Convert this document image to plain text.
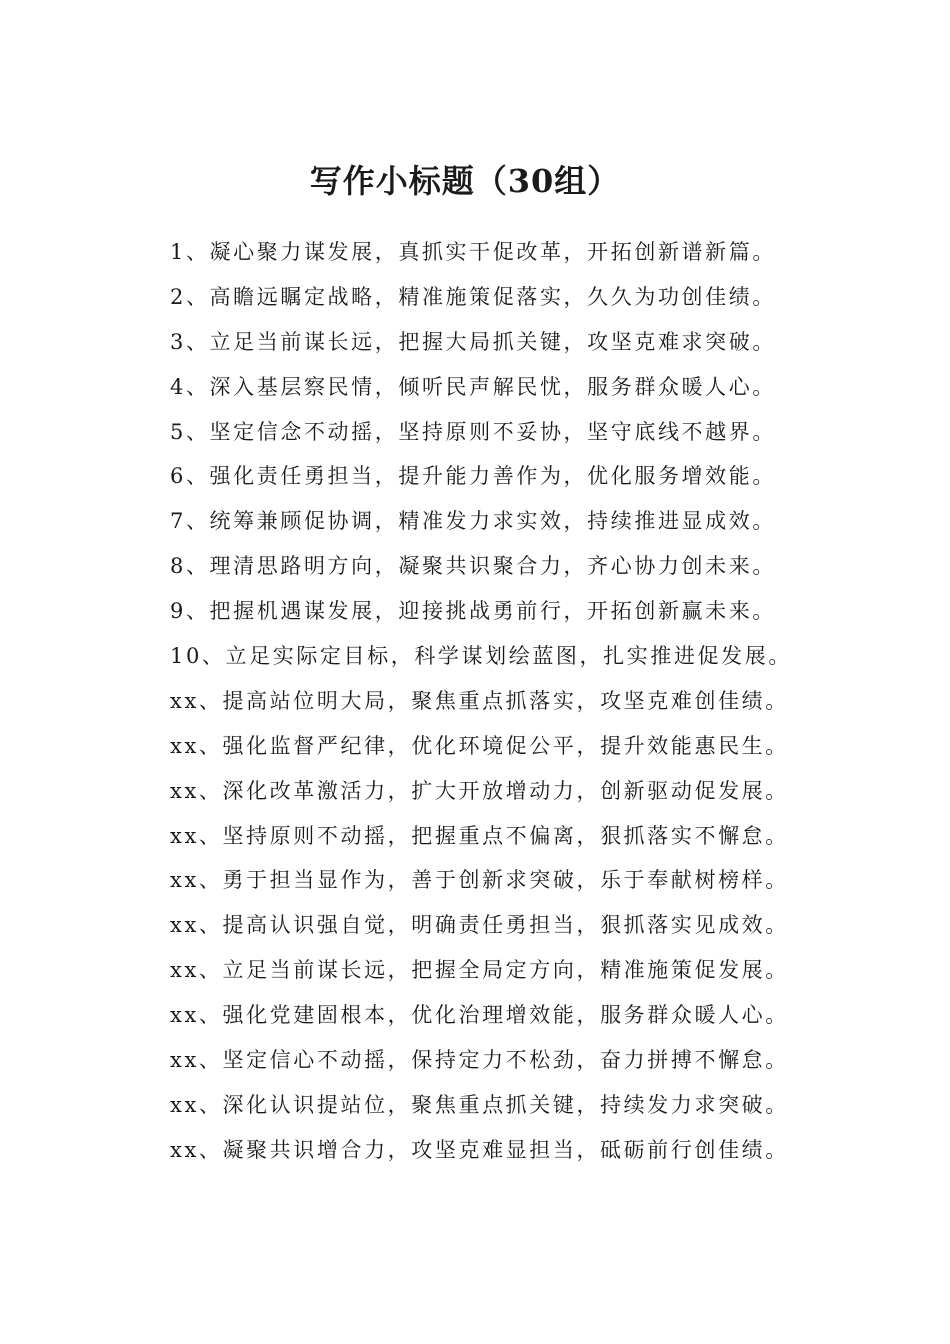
写作小标题（30组）
1、凝心聚力谋发展，真抓实干促改革，开拓创新谱新篇。
2、高瞻远瞩定战略，精准施策促落实，久久为功创佳绩。
3、立足当前谋长远，把握大局抓关键，攻坚克难求突破。
4、深入基层察民情，倾听民声解民忧，服务群众暖人心。
5、坚定信念不动摇，坚持原则不妥协，坚守底线不越界。
6、强化责任勇担当，提升能力善作为，优化服务增效能。
7、统筹兼顾促协调，精准发力求实效，持续推进显成效。
8、理清思路明方向，凝聚共识聚合力，齐心协力创未来。
9、把握机遇谋发展，迎接挑战勇前行，开拓创新赢未来。
10、立足实际定目标，科学谋划绘蓝图，扎实推进促发展。
xx、提高站位明大局，聚焦重点抓落实，攻坚克难创佳绩。
xx、强化监督严纪律，优化环境促公平，提升效能惠民生。
xx、深化改革激活力，扩大开放增动力，创新驱动促发展。
xx、坚持原则不动摇，把握重点不偏离，狠抓落实不懈怠。
xx、勇于担当显作为，善于创新求突破，乐于奉献树榜样。
xx、提高认识强自觉，明确责任勇担当，狠抓落实见成效。
xx、立足当前谋长远，把握全局定方向，精准施策促发展。
xx、强化党建固根本，优化治理增效能，服务群众暖人心。
xx、坚定信心不动摇，保持定力不松劲，奋力拼搏不懈怠。
xx、深化认识提站位，聚焦重点抓关键，持续发力求突破。
xx、凝聚共识增合力，攻坚克难显担当，砥砺前行创佳绩。
